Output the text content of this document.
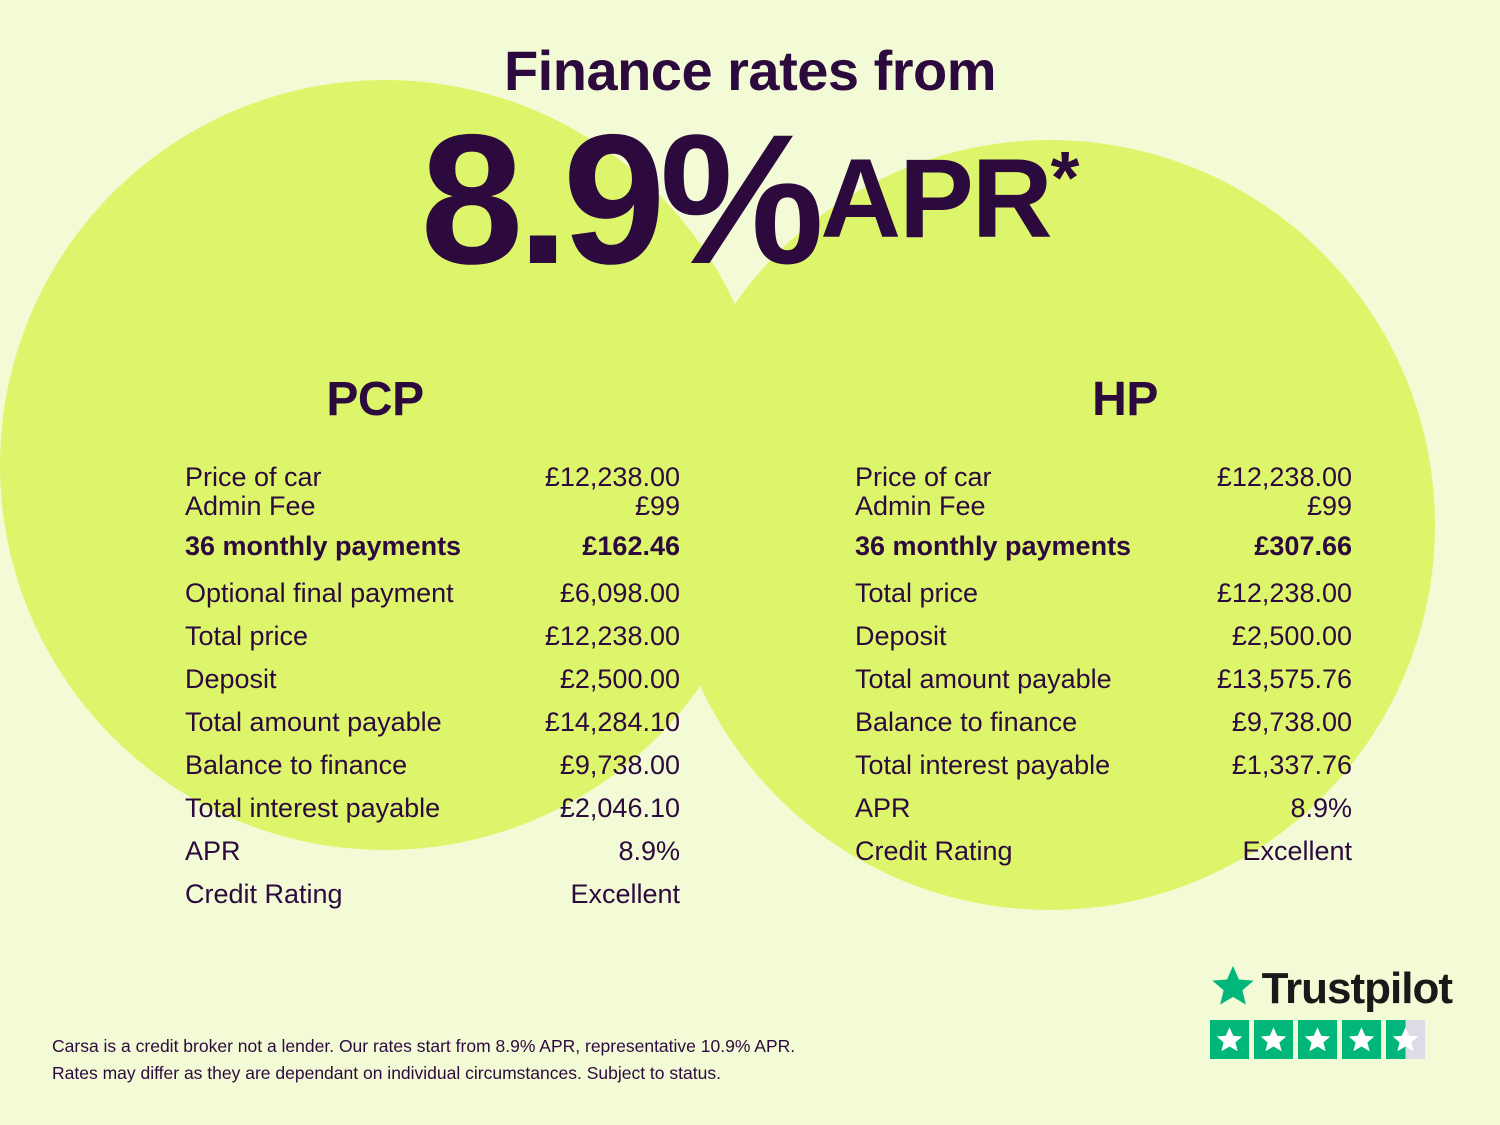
Finance rates from
8.9%APR*
PCP
Price of car	£12,238.00
Admin Fee	£99
36 monthly payments	£162.46
Optional final payment	£6,098.00
Total price	£12,238.00
Deposit	£2,500.00
Total amount payable	£14,284.10
Balance to finance	£9,738.00
Total interest payable	£2,046.10
APR	8.9%
Credit Rating	Excellent
HP
Price of car	£12,238.00
Admin Fee	£99
36 monthly payments	£307.66
Total price	£12,238.00
Deposit	£2,500.00
Total amount payable	£13,575.76
Balance to finance	£9,738.00
Total interest payable	£1,337.76
APR	8.9%
Credit Rating	Excellent
Carsa is a credit broker not a lender. Our rates start from 8.9% APR, representative 10.9% APR.
Rates may differ as they are dependant on individual circumstances. Subject to status.
Trustpilot
